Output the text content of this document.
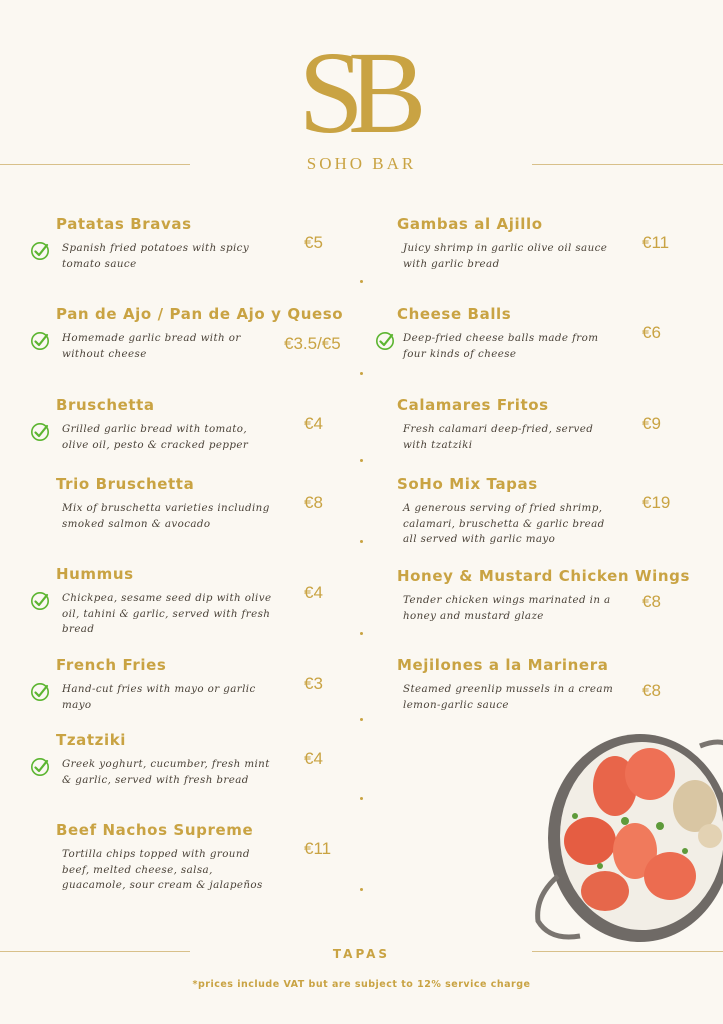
SB
SOHO BAR
Patatas Bravas
Spanish fried potatoes with spicy
tomato sauce
€5
Pan de Ajo / Pan de Ajo y Queso
Homemade garlic bread with or
without cheese
€3.5/€5
Bruschetta
Grilled garlic bread with tomato,
olive oil, pesto & cracked pepper
€4
Trio Bruschetta
Mix of bruschetta varieties including
smoked salmon & avocado
€8
Hummus
Chickpea, sesame seed dip with olive
oil, tahini & garlic, served with fresh
bread
€4
French Fries
Hand-cut fries with mayo or garlic
mayo
€3
Tzatziki
Greek yoghurt, cucumber, fresh mint
& garlic, served with fresh bread
€4
Beef Nachos Supreme
Tortilla chips topped with ground
beef, melted cheese, salsa,
guacamole, sour cream & jalapeños
€11
Gambas al Ajillo
Juicy shrimp in garlic olive oil sauce
with garlic bread
€11
Cheese Balls
Deep-fried cheese balls made from
four kinds of cheese
€6
Calamares Fritos
Fresh calamari deep-fried, served
with tzatziki
€9
SoHo Mix Tapas
A generous serving of fried shrimp,
calamari, bruschetta & garlic bread
all served with garlic mayo
€19
Honey & Mustard Chicken Wings
Tender chicken wings marinated in a
honey and mustard glaze
€8
Mejilones a la Marinera
Steamed greenlip mussels in a cream
lemon-garlic sauce
€8
TAPAS
*prices include VAT but are subject to 12% service charge
